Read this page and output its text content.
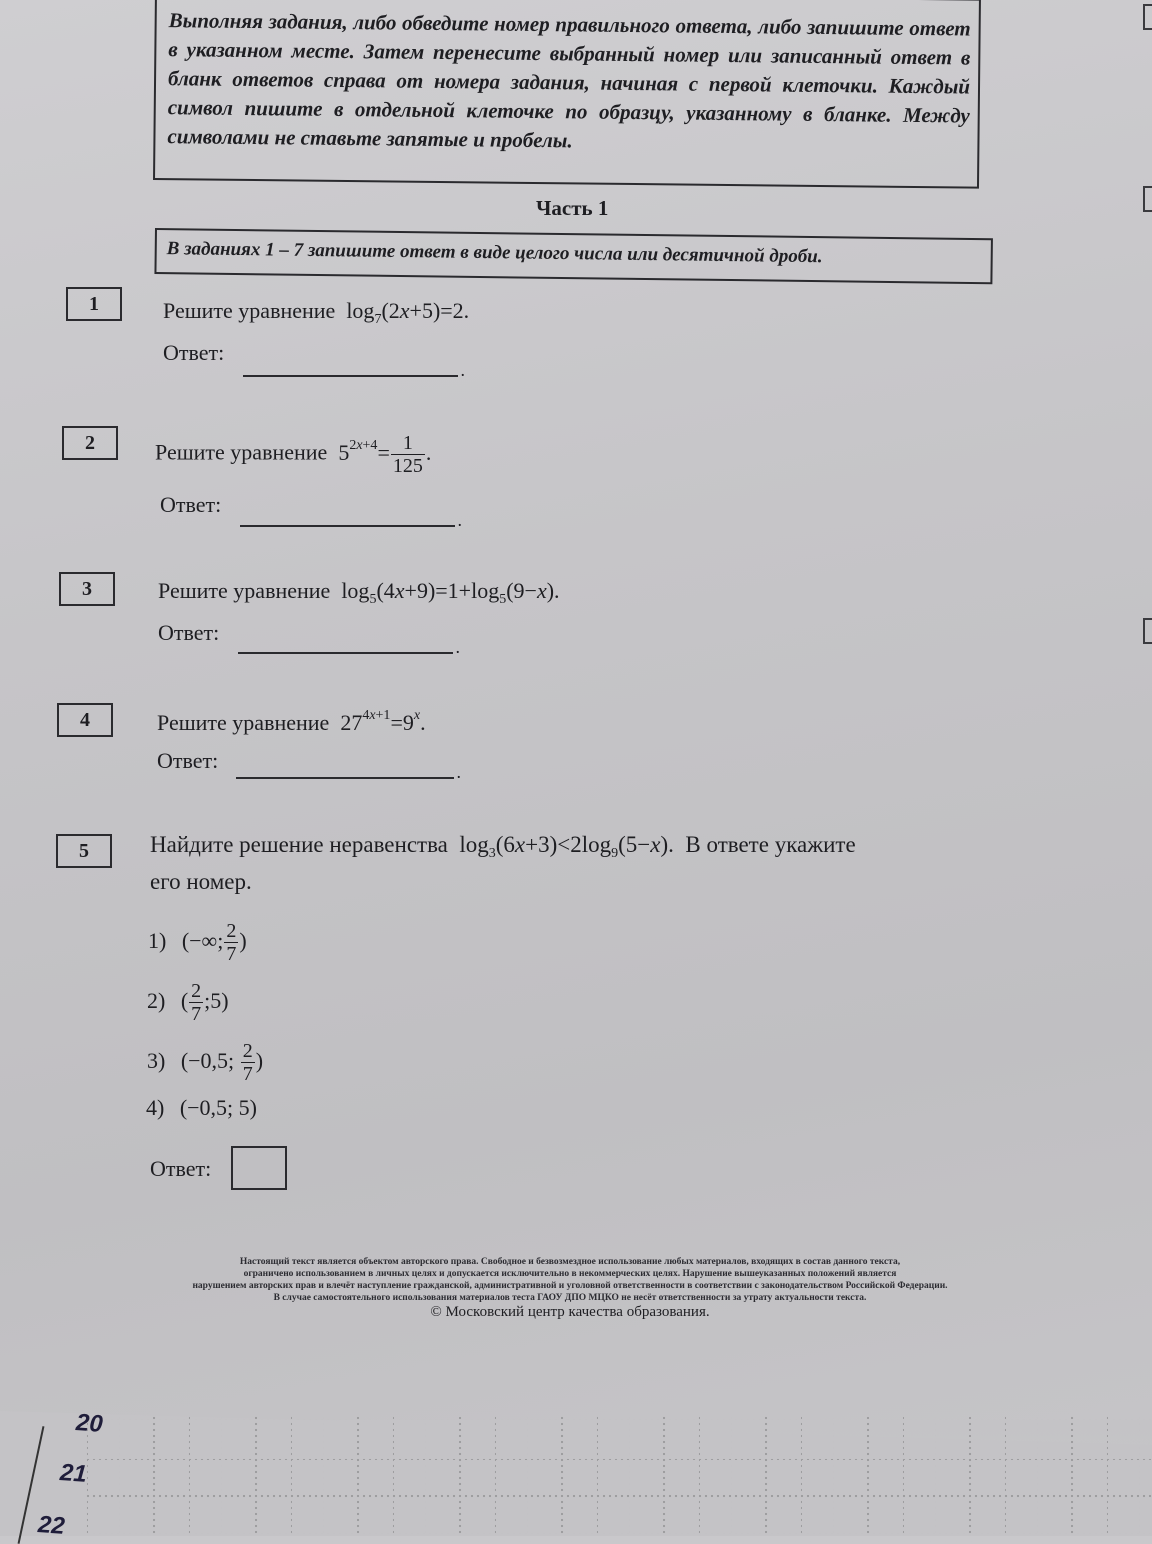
Выполняя задания, либо обведите номер правильного ответа, либо запишите ответ в указанном месте. Затем перенесите выбранный номер или записанный ответ в бланк ответов справа от номера задания, начиная с первой клеточки. Каждый символ пишите в отдельной клеточке по образцу, указанному в бланке. Между символами не ставьте запятые и пробелы.
Часть 1
В заданиях 1 – 7 запишите ответ в виде целого числа или десятичной дроби.
1	Решите уравнение  $\log_7(2x+5)=2$.
Ответ:
.
2	Решите уравнение  $5^{2x+4}= \frac{1}{125}$ .
Ответ:
.
3	Решите уравнение  $\log_5(4x+9)=1+\log_5(9-x)$.
Ответ:
.
4	Решите уравнение  $27^{4x+1}=9^x$.
Ответ:
.
5	Найдите решение неравенства  $\log_3(6x+3)<2\log_9(5-x)$.  В ответе укажите
его номер.
1) (−∞; $\frac{2}{7}$ )
2) ( $\frac{2}{7}$ ;5)
3) (−0,5; $\frac{2}{7}$ )
4) (−0,5; 5)
Ответ:
Настоящий текст является объектом авторского права. Свободное и безвозмездное использование любых материалов, входящих в состав данного текста,
ограничено использованием в личных целях и допускается исключительно в некоммерческих целях. Нарушение вышеуказанных положений является
нарушением авторских прав и влечёт наступление гражданской, административной и уголовной ответственности в соответствии с законодательством Российской Федерации.
В случае самостоятельного использования материалов теста ГАОУ ДПО МЦКО не несёт ответственности за утрату актуальности текста.
© Московский центр качества образования.
20
21
22
